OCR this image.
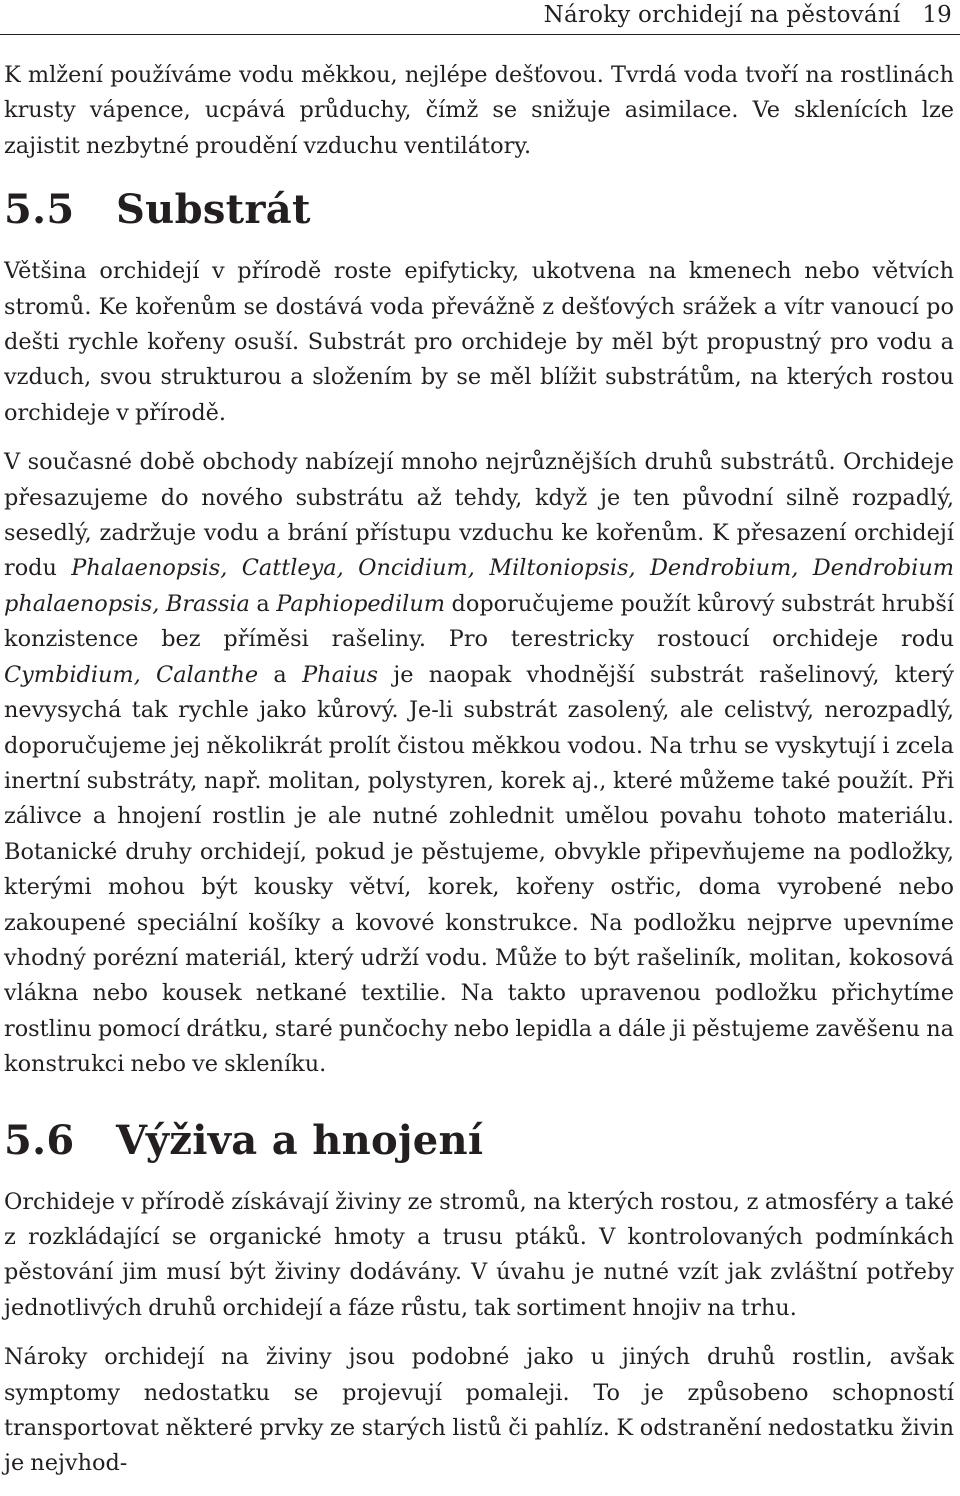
Nároky orchidejí na pěstování 19

K mlžení používáme vodu měkkou, nejlépe dešťovou. Tvrdá voda tvoří na rostlinách krusty vápence, ucpává průduchy, čímž se snižuje asimilace. Ve sklenících lze zajistit nezbytné proudění vzduchu ventilátory.

5.5 Substrát

Většina orchidejí v přírodě roste epifyticky, ukotvena na kmenech nebo větvích stromů. Ke kořenům se dostává voda převážně z dešťových srážek a vítr vanoucí po dešti rychle kořeny osuší. Substrát pro orchideje by měl být propustný pro vodu a vzduch, svou strukturou a složením by se měl blížit substrátům, na kterých rostou orchideje v přírodě.

V současné době obchody nabízejí mnoho nejrůznějších druhů substrátů. Orchideje přesazujeme do nového substrátu až tehdy, když je ten původní silně rozpadlý, sesedlý, zadržuje vodu a brání přístupu vzduchu ke kořenům. K přesazení orchidejí rodu Phalaenopsis, Cattleya, Oncidium, Miltoniopsis, Dendrobium, Dendrobium phalaenopsis, Brassia a Paphiopedilum doporučujeme použít kůrový substrát hrubší konzistence bez příměsi rašeliny. Pro terestricky rostoucí orchideje rodu Cymbidium, Calanthe a Phaius je naopak vhodnější substrát rašelinový, který nevysychá tak rychle jako kůrový. Je-li substrát zasolený, ale celistvý, nerozpadlý, doporučujeme jej několikrát prolít čistou měkkou vodou. Na trhu se vyskytují i zcela inertní substráty, např. molitan, polystyren, korek aj., které můžeme také použít. Při zálivce a hnojení rostlin je ale nutné zohlednit umělou povahu tohoto materiálu. Botanické druhy orchidejí, pokud je pěstujeme, obvykle připevňujeme na podložky, kterými mohou být kousky větví, korek, kořeny ostřic, doma vyrobené nebo zakoupené speciální košíky a kovové konstrukce. Na podložku nejprve upevníme vhodný porézní materiál, který udrží vodu. Může to být rašeliník, molitan, kokosová vlákna nebo kousek netkané textilie. Na takto upravenou podložku přichytíme rostlinu pomocí drátku, staré punčochy nebo lepidla a dále ji pěstujeme zavěšenu na konstrukci nebo ve skleníku.

5.6 Výživa a hnojení

Orchideje v přírodě získávají živiny ze stromů, na kterých rostou, z atmosféry a také z rozkládající se organické hmoty a trusu ptáků. V kontrolovaných podmínkách pěstování jim musí být živiny dodávány. V úvahu je nutné vzít jak zvláštní potřeby jednotlivých druhů orchidejí a fáze růstu, tak sortiment hnojiv na trhu.

Nároky orchidejí na živiny jsou podobné jako u jiných druhů rostlin, avšak symptomy nedostatku se projevují pomaleji. To je způsobeno schopností transportovat některé prvky ze starých listů či pahlíz. K odstranění nedostatku živin je nejvhod-
